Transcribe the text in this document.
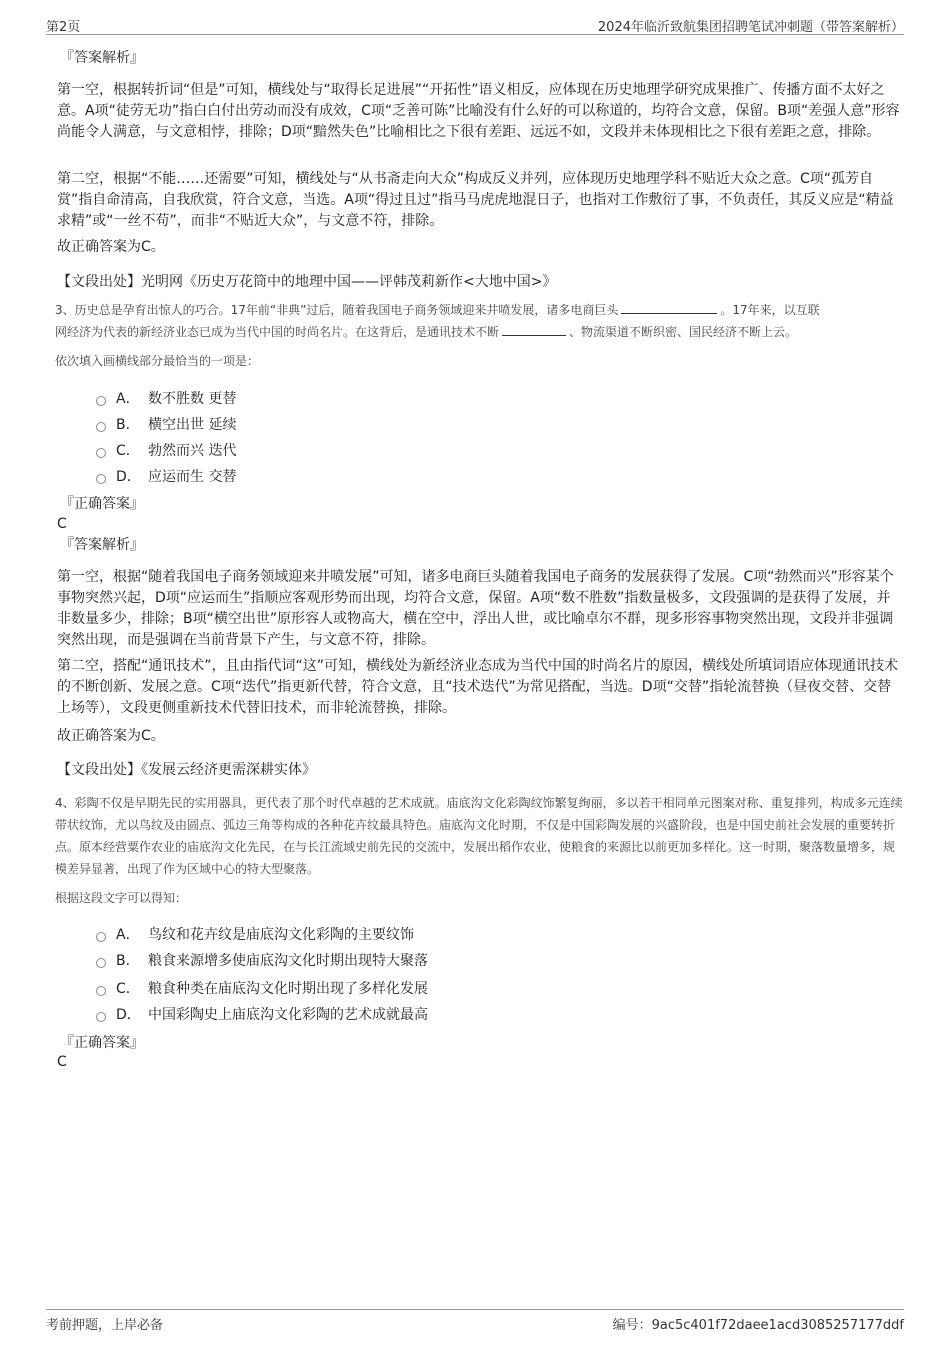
第2页	2024年临沂致航集团招聘笔试冲刺题（带答案解析）
『答案解析』

第一空，根据转折词“但是”可知，横线处与“取得长足进展”“开拓性”语义相反，应体现在历史地理学研究成果推广、传播方面不太好之意。A项“徒劳无功”指白白付出劳动而没有成效，C项“乏善可陈”比喻没有什么好的可以称道的，均符合文意，保留。B项“差强人意”形容尚能令人满意，与文意相悖，排除；D项“黯然失色”比喻相比之下很有差距、远远不如，文段并未体现相比之下很有差距之意，排除。

第二空，根据“不能……还需要”可知，横线处与“从书斋走向大众”构成反义并列，应体现历史地理学科不贴近大众之意。C项“孤芳自赏”指自命清高，自我欣赏，符合文意，当选。A项“得过且过”指马马虎虎地混日子，也指对工作敷衍了事，不负责任，其反义应是“精益求精”或“一丝不苟”，而非“不贴近大众”，与文意不符，排除。

故正确答案为C。

【文段出处】光明网《历史万花筒中的地理中国——评韩茂莉新作<大地中国>》

3、历史总是孕育出惊人的巧合。17年前“非典”过后，随着我国电子商务领域迎来井喷发展，诸多电商巨头	。17年来，以互联
网经济为代表的新经济业态已成为当代中国的时尚名片。在这背后，是通讯技术不断	、物流渠道不断织密、国民经济不断上云。
依次填入画横线部分最恰当的一项是：
A． 数不胜数 更替
B． 横空出世 延续
C． 勃然而兴 迭代
D． 应运而生 交替
『正确答案』
C
『答案解析』

第一空，根据“随着我国电子商务领域迎来井喷发展”可知，诸多电商巨头随着我国电子商务的发展获得了发展。C项“勃然而兴”形容某个事物突然兴起，D项“应运而生”指顺应客观形势而出现，均符合文意，保留。A项“数不胜数”指数量极多，文段强调的是获得了发展，并非数量多少，排除；B项“横空出世”原形容人或物高大，横在空中，浮出人世，或比喻卓尔不群，现多形容事物突然出现，文段并非强调突然出现，而是强调在当前背景下产生，与文意不符，排除。

第二空，搭配“通讯技术”，且由指代词“这”可知，横线处为新经济业态成为当代中国的时尚名片的原因，横线处所填词语应体现通讯技术的不断创新、发展之意。C项“迭代”指更新代替，符合文意，且“技术迭代”为常见搭配，当选。D项“交替”指轮流替换（昼夜交替、交替上场等），文段更侧重新技术代替旧技术，而非轮流替换，排除。

故正确答案为C。

【文段出处】《发展云经济更需深耕实体》

4、彩陶不仅是早期先民的实用器具，更代表了那个时代卓越的艺术成就。庙底沟文化彩陶纹饰繁复绚丽，多以若干相同单元图案对称、重复排列，构成多元连续带状纹饰，尤以鸟纹及由圆点、弧边三角等构成的各种花卉纹最具特色。庙底沟文化时期，不仅是中国彩陶发展的兴盛阶段，也是中国史前社会发展的重要转折点。原本经营粟作农业的庙底沟文化先民，在与长江流域史前先民的交流中，发展出稻作农业，使粮食的来源比以前更加多样化。这一时期，聚落数量增多，规模差异显著，出现了作为区域中心的特大型聚落。

根据这段文字可以得知：
A． 鸟纹和花卉纹是庙底沟文化彩陶的主要纹饰
B． 粮食来源增多使庙底沟文化时期出现特大聚落
C． 粮食种类在庙底沟文化时期出现了多样化发展
D． 中国彩陶史上庙底沟文化彩陶的艺术成就最高
『正确答案』
C
考前押题，上岸必备	编号：9ac5c401f72daee1acd3085257177ddf
